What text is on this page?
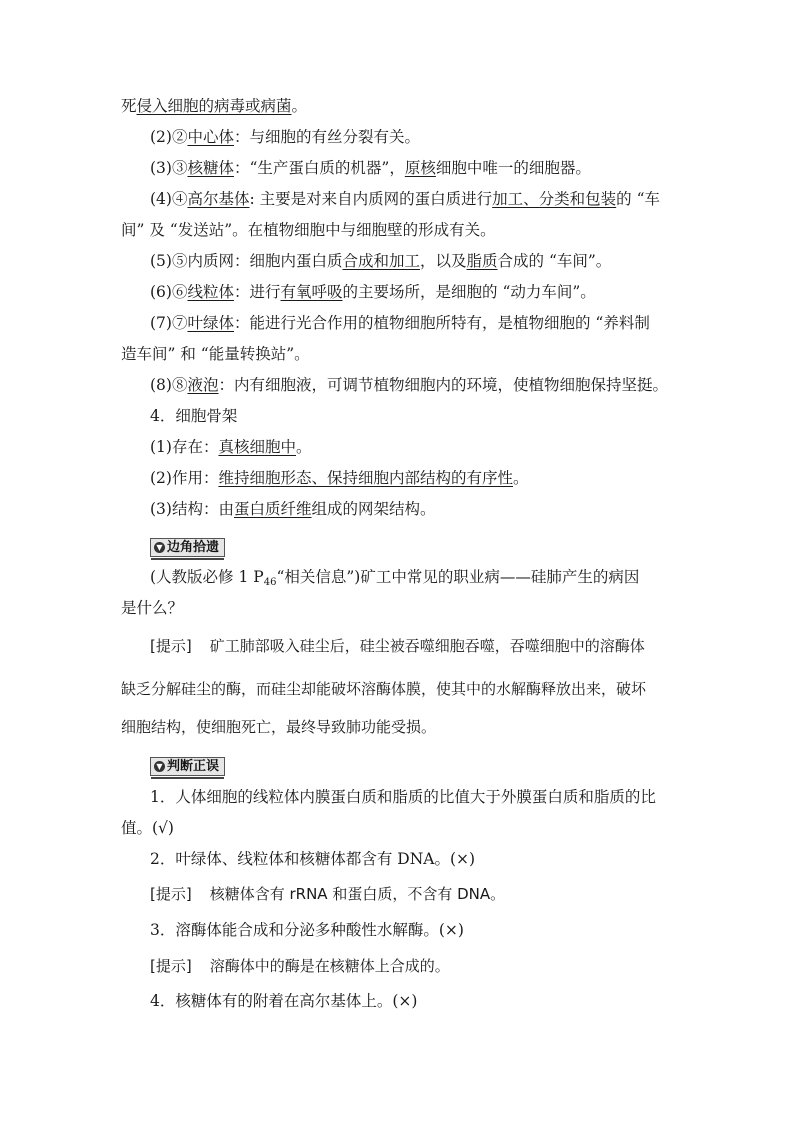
死侵入细胞的病毒或病菌。
(2)②中心体：与细胞的有丝分裂有关。
(3)③核糖体：“生产蛋白质的机器”，原核细胞中唯一的细胞器。
(4)④高尔基体: 主要是对来自内质网的蛋白质进行加工、分类和包装的 “车
间” 及 “发送站”。在植物细胞中与细胞壁的形成有关。
(5)⑤内质网：细胞内蛋白质合成和加工，以及脂质合成的 “车间”。
(6)⑥线粒体：进行有氧呼吸的主要场所，是细胞的 “动力车间”。
(7)⑦叶绿体：能进行光合作用的植物细胞所特有，是植物细胞的 “养料制
造车间” 和 “能量转换站”。
(8)⑧液泡：内有细胞液，可调节植物细胞内的环境，使植物细胞保持坚挺。
4．细胞骨架
(1)存在：真核细胞中。
(2)作用：维持细胞形态、保持细胞内部结构的有序性。
(3)结构：由蛋白质纤维组成的网架结构。
▼ 边角拾遗
(人教版必修 1 $P_{46}“$相关信息”)矿工中常见的职业病——硅肺产生的病因
是什么？
[提示] 矿工肺部吸入硅尘后，硅尘被吞噬细胞吞噬，吞噬细胞中的溶酶体
缺乏分解硅尘的酶，而硅尘却能破坏溶酶体膜，使其中的水解酶释放出来，破坏
细胞结构，使细胞死亡，最终导致肺功能受损。
▼ 判断正误
1．人体细胞的线粒体内膜蛋白质和脂质的比值大于外膜蛋白质和脂质的比
值。(√)
2．叶绿体、线粒体和核糖体都含有 DNA。(×)
[提示] 核糖体含有 rRNA 和蛋白质，不含有 DNA。
3．溶酶体能合成和分泌多种酸性水解酶。(×)
[提示] 溶酶体中的酶是在核糖体上合成的。
4．核糖体有的附着在高尔基体上。(×)
